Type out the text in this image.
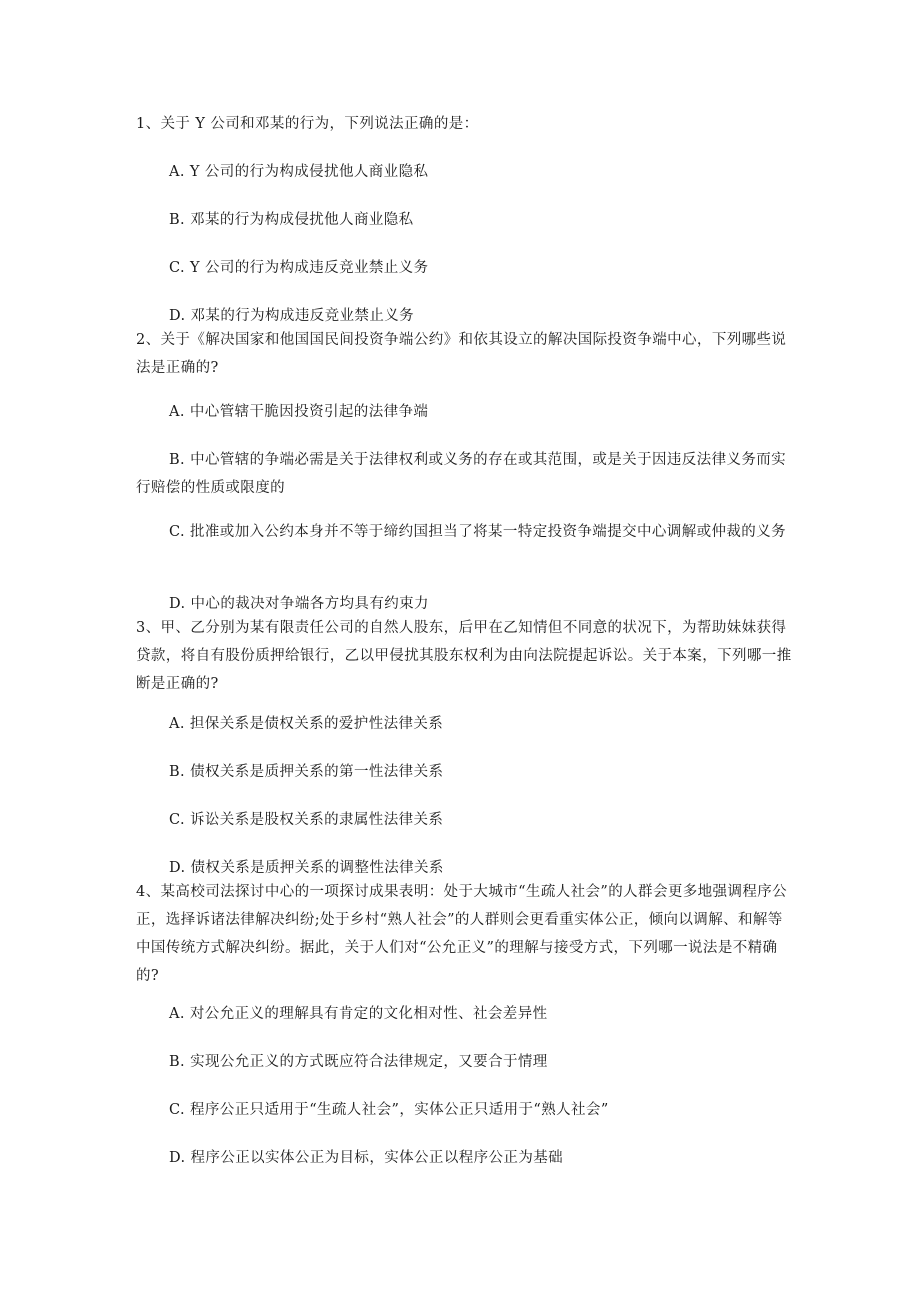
1、关于 Y 公司和邓某的行为，下列说法正确的是：

A. Y 公司的行为构成侵扰他人商业隐私

B. 邓某的行为构成侵扰他人商业隐私

C. Y 公司的行为构成违反竞业禁止义务

D. 邓某的行为构成违反竞业禁止义务

2、关于《解决国家和他国国民间投资争端公约》和依其设立的解决国际投资争端中心，下列哪些说法是正确的?

A. 中心管辖干脆因投资引起的法律争端

B. 中心管辖的争端必需是关于法律权利或义务的存在或其范围，或是关于因违反法律义务而实行赔偿的性质或限度的

C. 批准或加入公约本身并不等于缔约国担当了将某一特定投资争端提交中心调解或仲裁的义务

D. 中心的裁决对争端各方均具有约束力

3、甲、乙分别为某有限责任公司的自然人股东，后甲在乙知情但不同意的状况下，为帮助妹妹获得贷款，将自有股份质押给银行，乙以甲侵扰其股东权利为由向法院提起诉讼。关于本案，下列哪一推断是正确的?

A. 担保关系是债权关系的爱护性法律关系

B. 债权关系是质押关系的第一性法律关系

C. 诉讼关系是股权关系的隶属性法律关系

D. 债权关系是质押关系的调整性法律关系

4、某高校司法探讨中心的一项探讨成果表明：处于大城市“生疏人社会”的人群会更多地强调程序公正，选择诉诸法律解决纠纷;处于乡村“熟人社会”的人群则会更看重实体公正，倾向以调解、和解等中国传统方式解决纠纷。据此，关于人们对“公允正义”的理解与接受方式，下列哪一说法是不精确的?

A. 对公允正义的理解具有肯定的文化相对性、社会差异性

B. 实现公允正义的方式既应符合法律规定，又要合于情理

C. 程序公正只适用于“生疏人社会”，实体公正只适用于“熟人社会”

D. 程序公正以实体公正为目标，实体公正以程序公正为基础
